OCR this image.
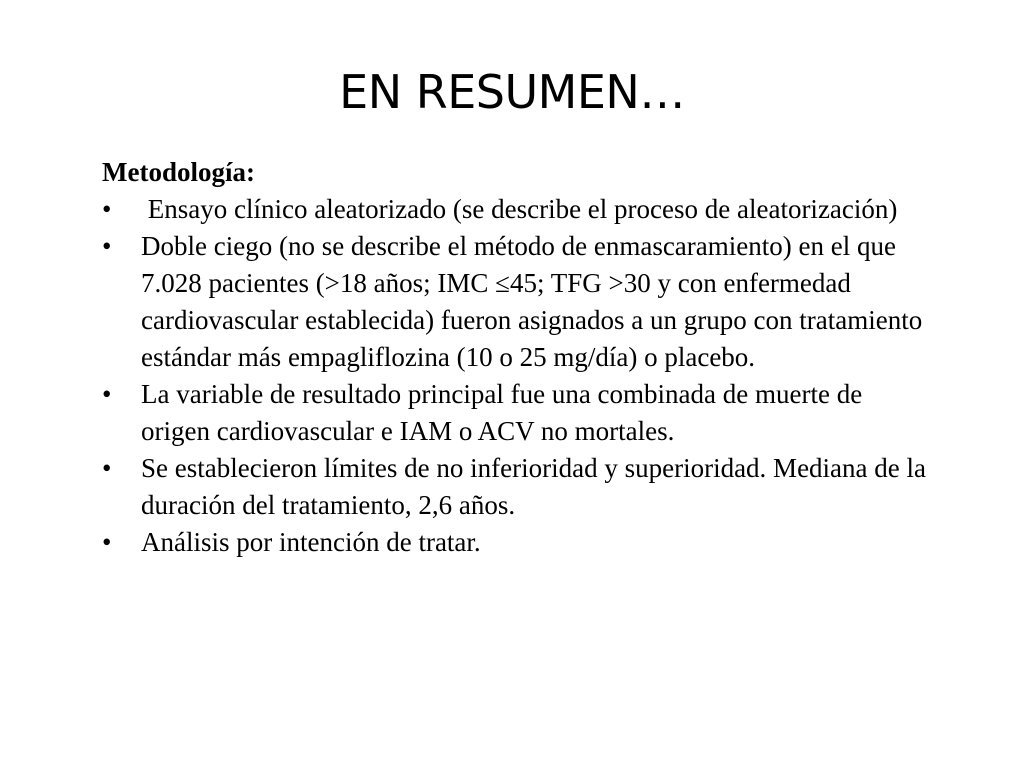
EN RESUMEN…

Metodología:

• Ensayo clínico aleatorizado (se describe el proceso de aleatorización)
• Doble ciego (no se describe el método de enmascaramiento) en el que 7.028 pacientes (>18 años; IMC ≤45; TFG >30 y con enfermedad cardiovascular establecida) fueron asignados a un grupo con tratamiento estándar más empagliflozina (10 o 25 mg/día) o placebo.
• La variable de resultado principal fue una combinada de muerte de origen cardiovascular e IAM o ACV no mortales.
• Se establecieron límites de no inferioridad y superioridad. Mediana de la duración del tratamiento, 2,6 años.
• Análisis por intención de tratar.
